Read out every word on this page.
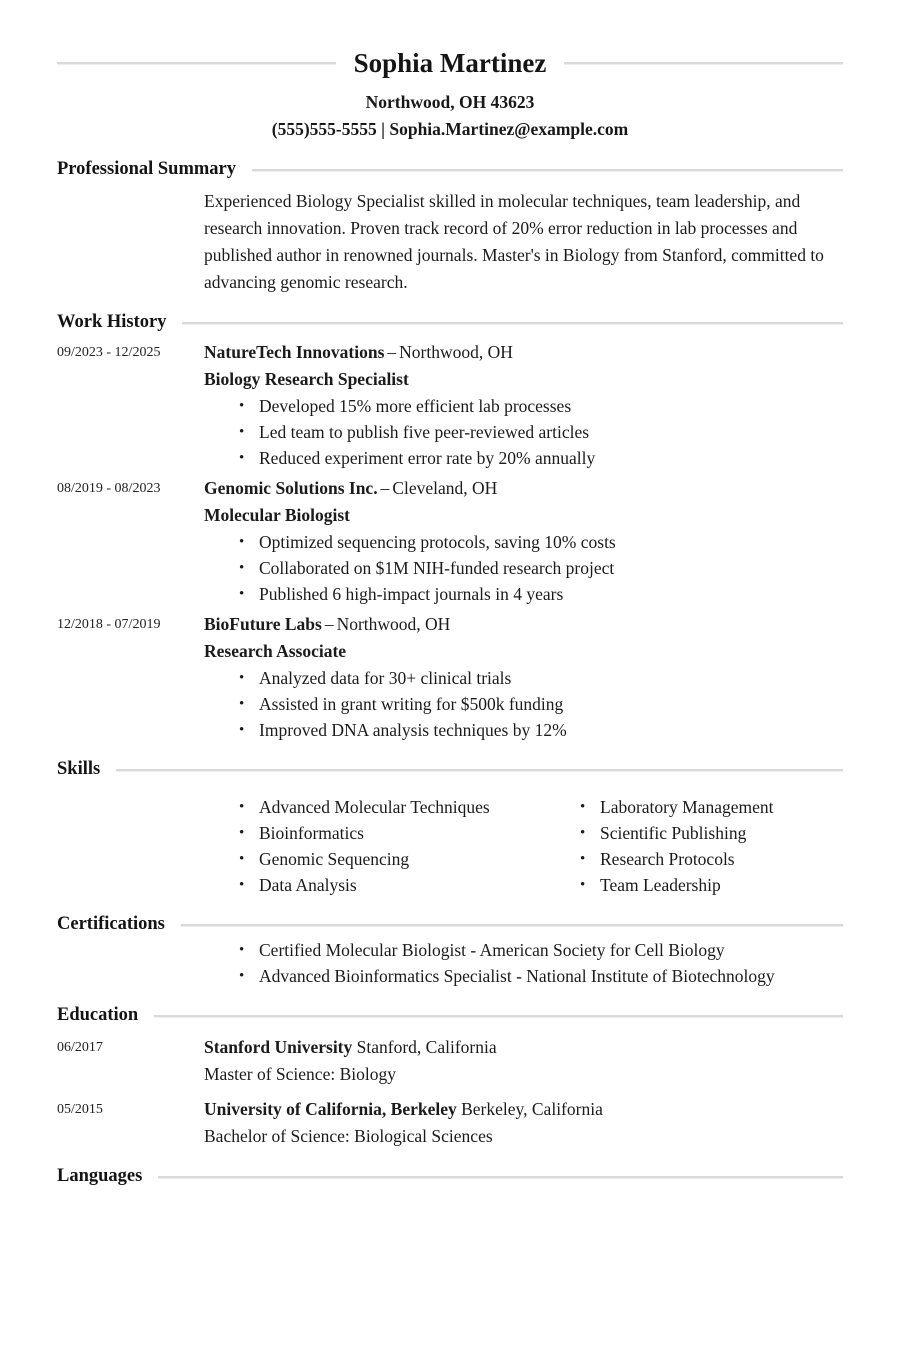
Sophia Martinez
Northwood, OH 43623
(555)555-5555 | Sophia.Martinez@example.com
Professional Summary

Experienced Biology Specialist skilled in molecular techniques, team leadership, and research innovation. Proven track record of 20% error reduction in lab processes and published author in renowned journals. Master's in Biology from Stanford, committed to advancing genomic research.

Work History
09/2023 - 12/2025	NatureTech Innovations – Northwood, OH
Biology Research Specialist
• Developed 15% more efficient lab processes
• Led team to publish five peer-reviewed articles
• Reduced experiment error rate by 20% annually
08/2019 - 08/2023	Genomic Solutions Inc. – Cleveland, OH
Molecular Biologist
• Optimized sequencing protocols, saving 10% costs
• Collaborated on $1M NIH-funded research project
• Published 6 high-impact journals in 4 years
12/2018 - 07/2019	BioFuture Labs – Northwood, OH
Research Associate
• Analyzed data for 30+ clinical trials
• Assisted in grant writing for $500k funding
• Improved DNA analysis techniques by 12%
Skills
• Advanced Molecular Techniques
• Bioinformatics
• Genomic Sequencing
• Data Analysis
• Laboratory Management
• Scientific Publishing
• Research Protocols
• Team Leadership
Certifications
• Certified Molecular Biologist - American Society for Cell Biology
• Advanced Bioinformatics Specialist - National Institute of Biotechnology
Education
06/2017	Stanford University Stanford, California
Master of Science: Biology
05/2015	University of California, Berkeley Berkeley, California
Bachelor of Science: Biological Sciences
Languages
